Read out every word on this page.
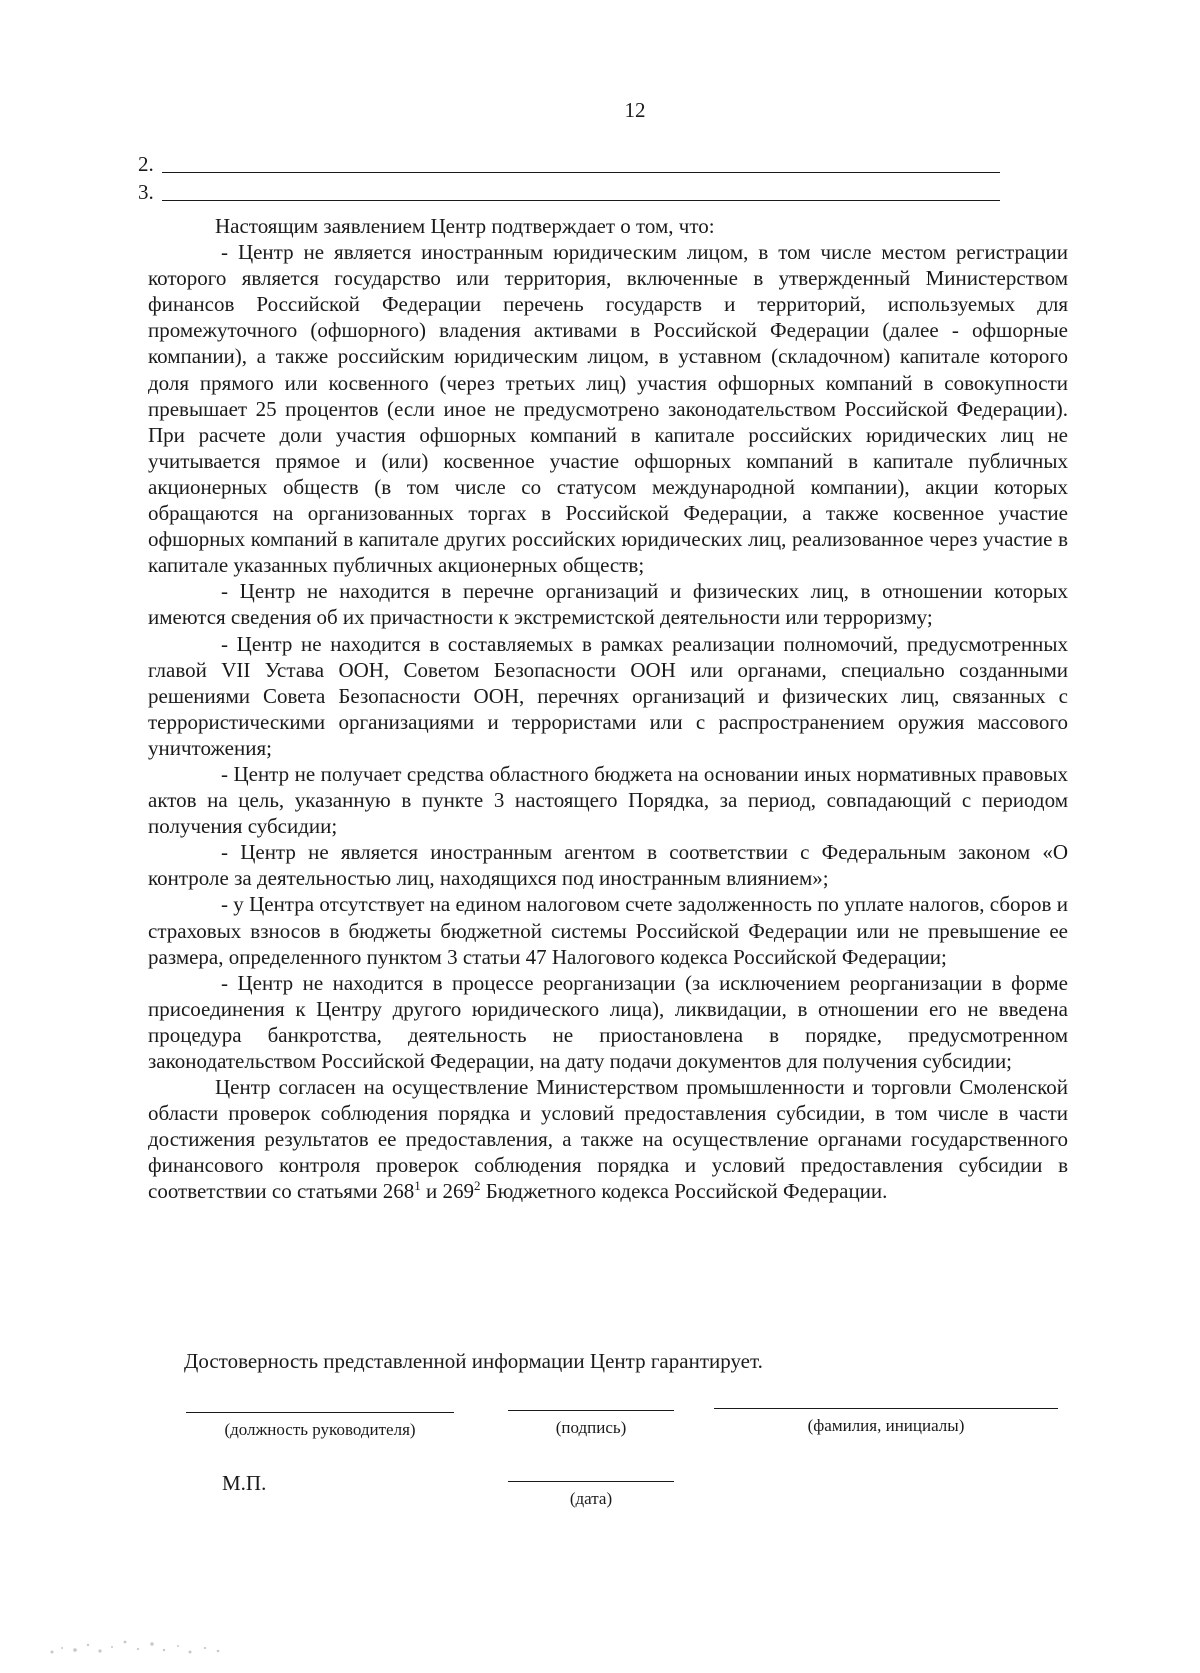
12
2.
3.

Настоящим заявлением Центр подтверждает о том, что:

- Центр не является иностранным юридическим лицом, в том числе местом регистрации которого является государство или территория, включенные в утвержденный Министерством финансов Российской Федерации перечень государств и территорий, используемых для промежуточного (офшорного) владения активами в Российской Федерации (далее - офшорные компании), а также российским юридическим лицом, в уставном (складочном) капитале которого доля прямого или косвенного (через третьих лиц) участия офшорных компаний в совокупности превышает 25 процентов (если иное не предусмотрено законодательством Российской Федерации). При расчете доли участия офшорных компаний в капитале российских юридических лиц не учитывается прямое и (или) косвенное участие офшорных компаний в капитале публичных акционерных обществ (в том числе со статусом международной компании), акции которых обращаются на организованных торгах в Российской Федерации, а также косвенное участие офшорных компаний в капитале других российских юридических лиц, реализованное через участие в капитале указанных публичных акционерных обществ;

- Центр не находится в перечне организаций и физических лиц, в отношении которых имеются сведения об их причастности к экстремистской деятельности или терроризму;

- Центр не находится в составляемых в рамках реализации полномочий, предусмотренных главой VII Устава ООН, Советом Безопасности ООН или органами, специально созданными решениями Совета Безопасности ООН, перечнях организаций и физических лиц, связанных с террористическими организациями и террористами или с распространением оружия массового уничтожения;

- Центр не получает средства областного бюджета на основании иных нормативных правовых актов на цель, указанную в пункте 3 настоящего Порядка, за период, совпадающий с периодом получения субсидии;

- Центр не является иностранным агентом в соответствии с Федеральным законом «О контроле за деятельностью лиц, находящихся под иностранным влиянием»;

- у Центра отсутствует на едином налоговом счете задолженность по уплате налогов, сборов и страховых взносов в бюджеты бюджетной системы Российской Федерации или не превышение ее размера, определенного пунктом 3 статьи 47 Налогового кодекса Российской Федерации;

- Центр не находится в процессе реорганизации (за исключением реорганизации в форме присоединения к Центру другого юридического лица), ликвидации, в отношении его не введена процедура банкротства, деятельность не приостановлена в порядке, предусмотренном законодательством Российской Федерации, на дату подачи документов для получения субсидии;

Центр согласен на осуществление Министерством промышленности и торговли Смоленской области проверок соблюдения порядка и условий предоставления субсидии, в том числе в части достижения результатов ее предоставления, а также на осуществление органами государственного финансового контроля проверок соблюдения порядка и условий предоставления субсидии в соответствии со статьями $268^1$ и $269^2$ Бюджетного кодекса Российской Федерации.

Достоверность представленной информации Центр гарантирует.
(должность руководителя)	(подпись)	(фамилия, инициалы)
М.П.
(дата)
